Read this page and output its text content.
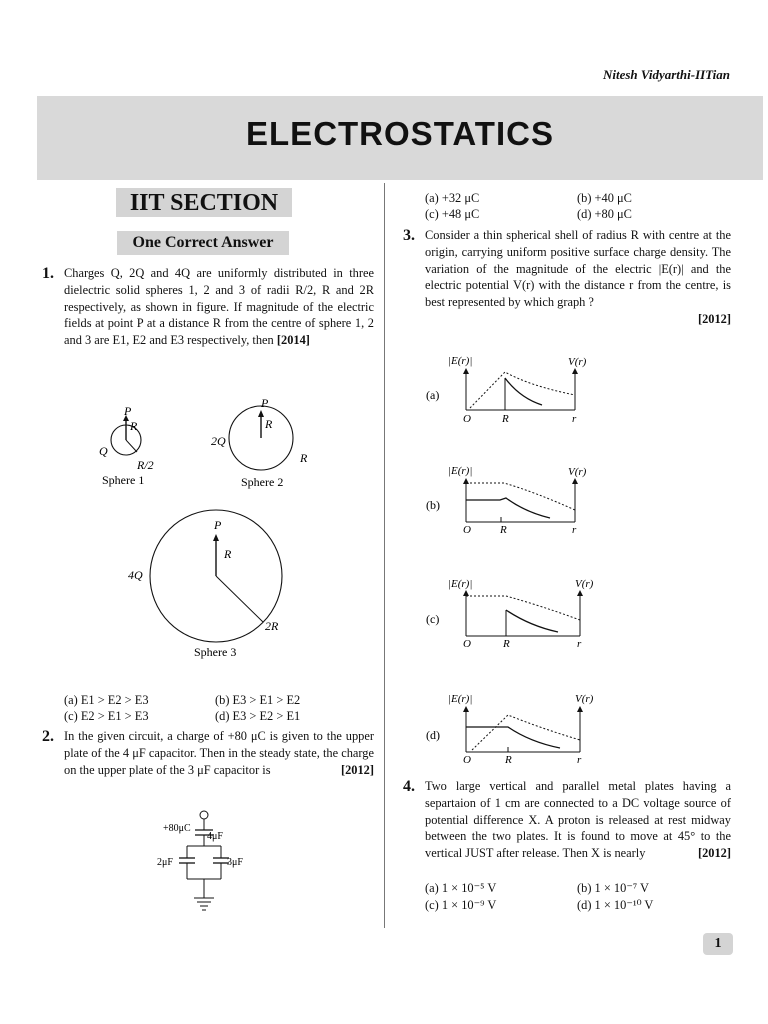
Nitesh Vidyarthi-IITian
ELECTROSTATICS
IIT SECTION
One Correct Answer
1. Charges Q, 2Q and 4Q are uniformly distributed in three dielectric solid spheres 1, 2 and 3 of radii R/2, R and 2R respectively, as shown in figure. If magnitude of the electric fields at point P at a distance R from the centre of sphere 1, 2 and 3 are E1, E2 and E3 respectively, then [2014]
P
R
Q
R/2
Sphere 1
P
R
2Q
R
Sphere 2
P
R
4Q
2R
Sphere 3
(a) E1 > E2 > E3	(b) E3 > E1 > E2
(c) E2 > E1 > E3	(d) E3 > E2 > E1
2. In the given circuit, a charge of +80 μC is given to the upper plate of the 4 μF capacitor. Then in the steady state, the charge on the upper plate of the 3 μF capacitor is	[2012]
+80μC
4μF
2μF	3μF
(a) +32 μC	(b) +40 μC
(c) +48 μC	(d) +80 μC
3. Consider a thin spherical shell of radius R with centre at the origin, carrying uniform positive surface charge density. The variation of the magnitude of the electric |E(r)| and the electric potential V(r) with the distance r from the centre, is best represented by which graph ?
[2012]
(a)
|E(r)|	V(r)
O	R	r
(b)
|E(r)|	V(r)
O	R	r
(c)
|E(r)|	V(r)
O	R	r
(d)
|E(r)|	V(r)
O	R	r
4. Two large vertical and parallel metal plates having a separtaion of 1 cm are connected to a DC voltage source of potential difference X. A proton is released at rest midway between the two plates. It is found to move at 45° to the vertical JUST after release. Then X is nearly	[2012]
(a) 1 × 10⁻⁵ V	(b) 1 × 10⁻⁷ V
(c) 1 × 10⁻⁹ V	(d) 1 × 10⁻¹⁰ V
1
